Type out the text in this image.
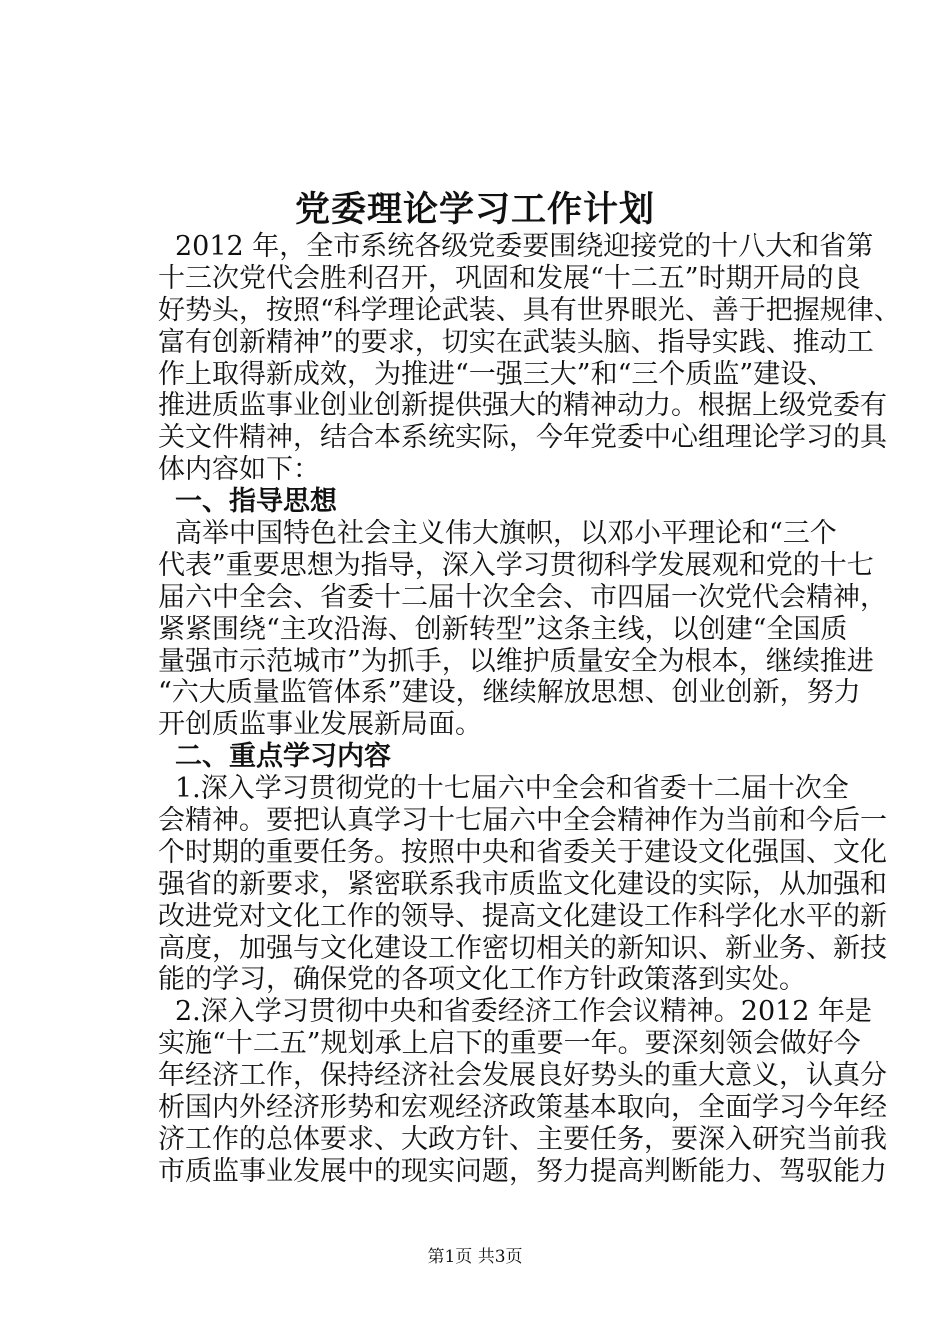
党委理论学习工作计划
2012 年，全市系统各级党委要围绕迎接党的十八大和省第
十三次党代会胜利召开，巩固和发展“十二五”时期开局的良
好势头，按照“科学理论武装、具有世界眼光、善于把握规律、
富有创新精神”的要求，切实在武装头脑、指导实践、推动工
作上取得新成效，为推进“一强三大”和“三个质监”建设、
推进质监事业创业创新提供强大的精神动力。根据上级党委有
关文件精神，结合本系统实际，今年党委中心组理论学习的具
体内容如下：
一、指导思想
高举中国特色社会主义伟大旗帜，以邓小平理论和“三个
代表”重要思想为指导，深入学习贯彻科学发展观和党的十七
届六中全会、省委十二届十次全会、市四届一次党代会精神，
紧紧围绕“主攻沿海、创新转型”这条主线，以创建“全国质
量强市示范城市”为抓手，以维护质量安全为根本，继续推进
“六大质量监管体系”建设，继续解放思想、创业创新，努力
开创质监事业发展新局面。
二、重点学习内容
1.深入学习贯彻党的十七届六中全会和省委十二届十次全
会精神。要把认真学习十七届六中全会精神作为当前和今后一
个时期的重要任务。按照中央和省委关于建设文化强国、文化
强省的新要求，紧密联系我市质监文化建设的实际，从加强和
改进党对文化工作的领导、提高文化建设工作科学化水平的新
高度，加强与文化建设工作密切相关的新知识、新业务、新技
能的学习，确保党的各项文化工作方针政策落到实处。
2.深入学习贯彻中央和省委经济工作会议精神。2012 年是
实施“十二五”规划承上启下的重要一年。要深刻领会做好今
年经济工作，保持经济社会发展良好势头的重大意义，认真分
析国内外经济形势和宏观经济政策基本取向，全面学习今年经
济工作的总体要求、大政方针、主要任务，要深入研究当前我
市质监事业发展中的现实问题，努力提高判断能力、驾驭能力
第1页 共3页
